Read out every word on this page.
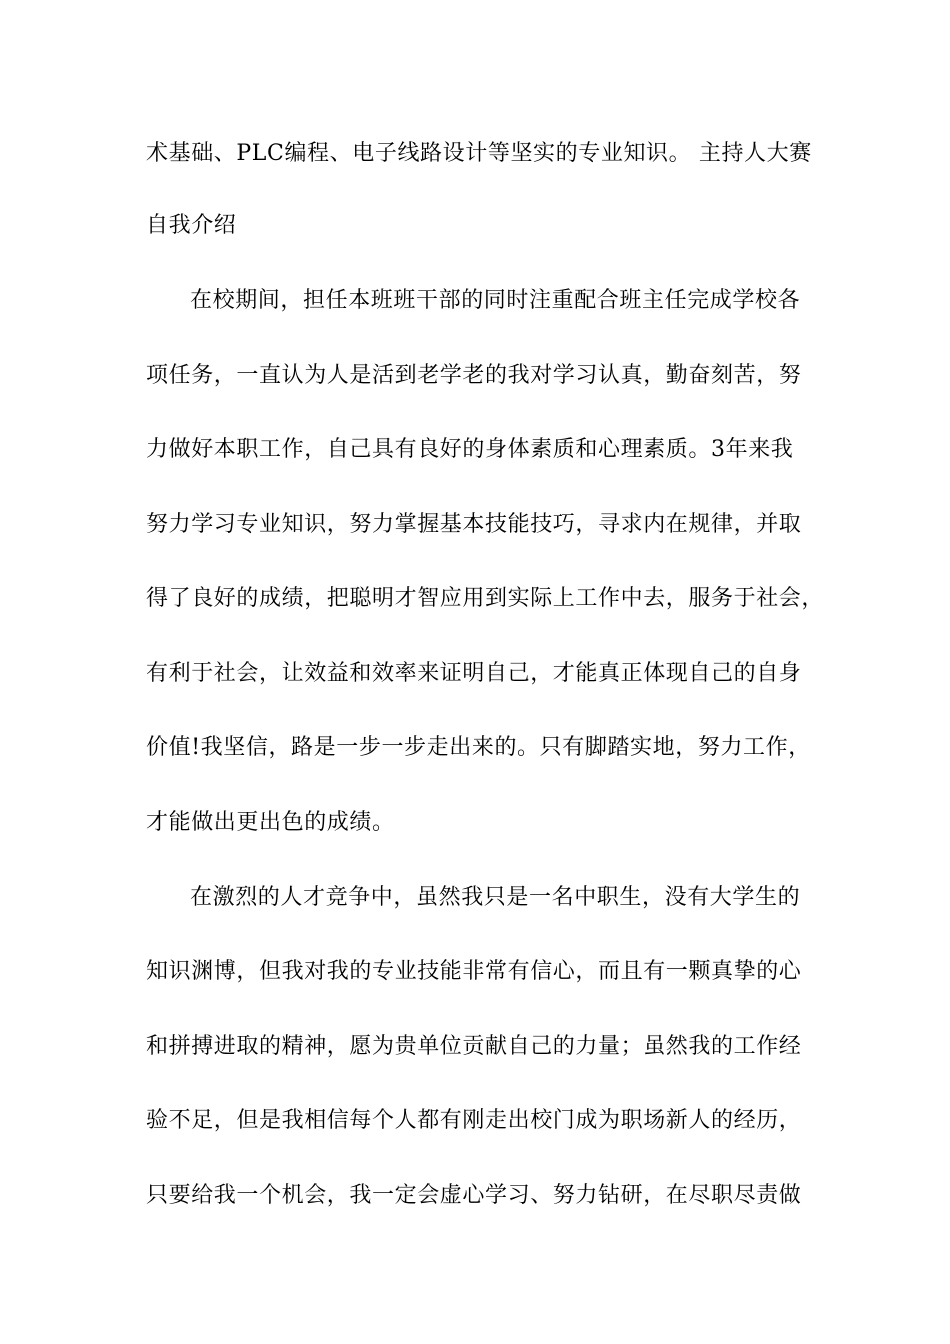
术基础、PLC编程、电子线路设计等坚实的专业知识。 主持人大赛
自我介绍
在校期间，担任本班班干部的同时注重配合班主任完成学校各
项任务，一直认为人是活到老学老的我对学习认真，勤奋刻苦，努
力做好本职工作，自己具有良好的身体素质和心理素质。3年来我
努力学习专业知识，努力掌握基本技能技巧，寻求内在规律，并取
得了良好的成绩，把聪明才智应用到实际上工作中去，服务于社会，
有利于社会，让效益和效率来证明自己，才能真正体现自己的自身
价值!我坚信，路是一步一步走出来的。只有脚踏实地，努力工作，
才能做出更出色的成绩。
在激烈的人才竞争中，虽然我只是一名中职生，没有大学生的
知识渊博，但我对我的专业技能非常有信心，而且有一颗真挚的心
和拼搏进取的精神，愿为贵单位贡献自己的力量；虽然我的工作经
验不足，但是我相信每个人都有刚走出校门成为职场新人的经历，
只要给我一个机会，我一定会虚心学习、努力钻研，在尽职尽责做
